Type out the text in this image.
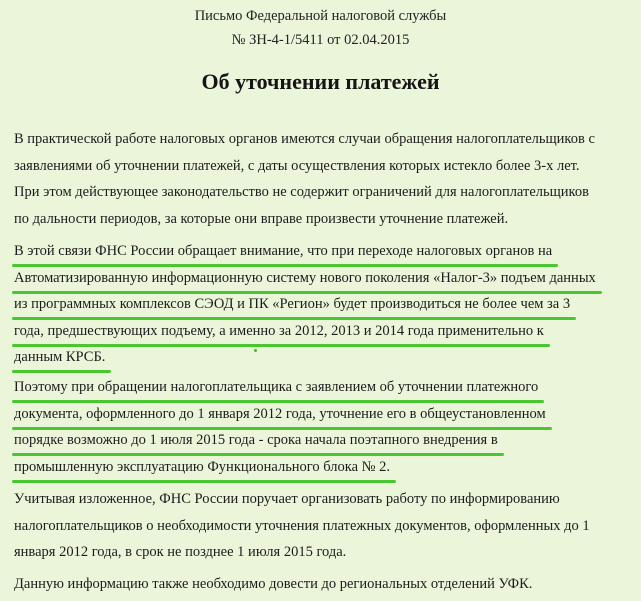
Письмо Федеральной налоговой службы
№ ЗН-4-1/5411 от 02.04.2015
Об уточнении платежей
В практической работе налоговых органов имеются случаи обращения налогоплательщиков с
заявлениями об уточнении платежей, с даты осуществления которых истекло более 3-х лет.
При этом действующее законодательство не содержит ограничений для налогоплательщиков
по дальности периодов, за которые они вправе произвести уточнение платежей.
В этой связи ФНС России обращает внимание, что при переходе налоговых органов на
Автоматизированную информационную систему нового поколения «Налог-3» подъем данных
из программных комплексов СЭОД и ПК «Регион» будет производиться не более чем за 3
года, предшествующих подъему, а именно за 2012, 2013 и 2014 года применительно к
данным КРСБ.
Поэтому при обращении налогоплательщика с заявлением об уточнении платежного
документа, оформленного до 1 января 2012 года, уточнение его в общеустановленном
порядке возможно до 1 июля 2015 года - срока начала поэтапного внедрения в
промышленную эксплуатацию Функционального блока № 2.
Учитывая изложенное, ФНС России поручает организовать работу по информированию
налогоплательщиков о необходимости уточнения платежных документов, оформленных до 1
января 2012 года, в срок не позднее 1 июля 2015 года.
Данную информацию также необходимо довести до региональных отделений УФК.
